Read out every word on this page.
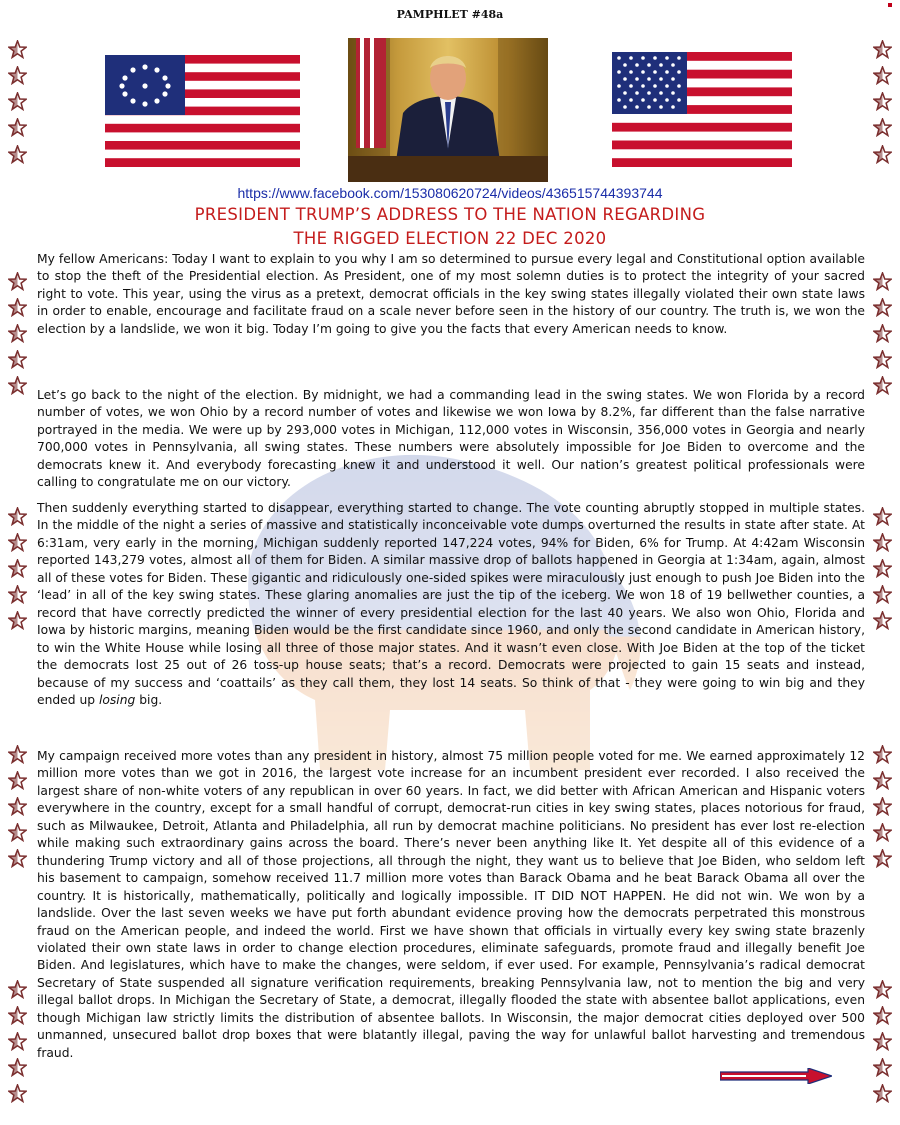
PAMPHLET #48a
https://www.facebook.com/153080620724/videos/436515744393744
PRESIDENT TRUMP’S ADDRESS TO THE NATION REGARDING
THE RIGGED ELECTION 22 DEC 2020

My fellow Americans: Today I want to explain to you why I am so determined to pursue every legal and Constitutional option available to stop the theft of the Presidential election. As President, one of my most solemn duties is to protect the integrity of your sacred right to vote. This year, using the virus as a pretext, democrat officials in the key swing states illegally violated their own state laws in order to enable, encourage and facilitate fraud on a scale never before seen in the history of our country. The truth is, we won the election by a landslide, we won it big. Today I’m going to give you the facts that every American needs to know.

Let’s go back to the night of the election. By midnight, we had a commanding lead in the swing states. We won Florida by a record number of votes, we won Ohio by a record number of votes and likewise we won Iowa by 8.2%, far different than the false narrative portrayed in the media. We were up by 293,000 votes in Michigan, 112,000 votes in Wisconsin, 356,000 votes in Georgia and nearly 700,000 votes in Pennsylvania, all swing states. These numbers were absolutely impossible for Joe Biden to overcome and the democrats knew it. And everybody forecasting knew it and understood it well. Our nation’s greatest political professionals were calling to congratulate me on our victory.

Then suddenly everything started to disappear, everything started to change. The vote counting abruptly stopped in multiple states. In the middle of the night a series of massive and statistically inconceivable vote dumps overturned the results in state after state. At 6:31am, very early in the morning, Michigan suddenly reported 147,224 votes, 94% for Biden, 6% for Trump. At 4:42am Wisconsin reported 143,279 votes, almost all of them for Biden. A similar massive drop of ballots happened in Georgia at 1:34am, again, almost all of these votes for Biden. These gigantic and ridiculously one-sided spikes were miraculously just enough to push Joe Biden into the ‘lead’ in all of the key swing states. These glaring anomalies are just the tip of the iceberg. We won 18 of 19 bellwether counties, a record that have correctly predicted the winner of every presidential election for the last 40 years. We also won Ohio, Florida and Iowa by historic margins, meaning Biden would be the first candidate since 1960, and only the second candidate in American history, to win the White House while losing all three of those major states. And it wasn’t even close. With Joe Biden at the top of the ticket the democrats lost 25 out of 26 toss-up house seats; that’s a record. Democrats were projected to gain 15 seats and instead, because of my success and ‘coattails’ as they call them, they lost 14 seats. So think of that - they were going to win big and they ended up losing big.

My campaign received more votes than any president in history, almost 75 million people voted for me. We earned approximately 12 million more votes than we got in 2016, the largest vote increase for an incumbent president ever recorded. I also received the largest share of non-white voters of any republican in over 60 years. In fact, we did better with African American and Hispanic voters everywhere in the country, except for a small handful of corrupt, democrat-run cities in key swing states, places notorious for fraud, such as Milwaukee, Detroit, Atlanta and Philadelphia, all run by democrat machine politicians. No president has ever lost re-election while making such extraordinary gains across the board. There’s never been anything like It. Yet despite all of this evidence of a thundering Trump victory and all of those projections, all through the night, they want us to believe that Joe Biden, who seldom left his basement to campaign, somehow received 11.7 million more votes than Barack Obama and he beat Barack Obama all over the country. It is historically, mathematically, politically and logically impossible. IT DID NOT HAPPEN. He did not win. We won by a landslide. Over the last seven weeks we have put forth abundant evidence proving how the democrats perpetrated this monstrous fraud on the American people, and indeed the world. First we have shown that officials in virtually every key swing state brazenly violated their own state laws in order to change election procedures, eliminate safeguards, promote fraud and illegally benefit Joe Biden. And legislatures, which have to make the changes, were seldom, if ever used. For example, Pennsylvania’s radical democrat Secretary of State suspended all signature verification requirements, breaking Pennsylvania law, not to mention the big and very illegal ballot drops. In Michigan the Secretary of State, a democrat, illegally flooded the state with absentee ballot applications, even though Michigan law strictly limits the distribution of absentee ballots. In Wisconsin, the major democrat cities deployed over 500 unmanned, unsecured ballot drop boxes that were blatantly illegal, paving the way for unlawful ballot harvesting and tremendous fraud.
